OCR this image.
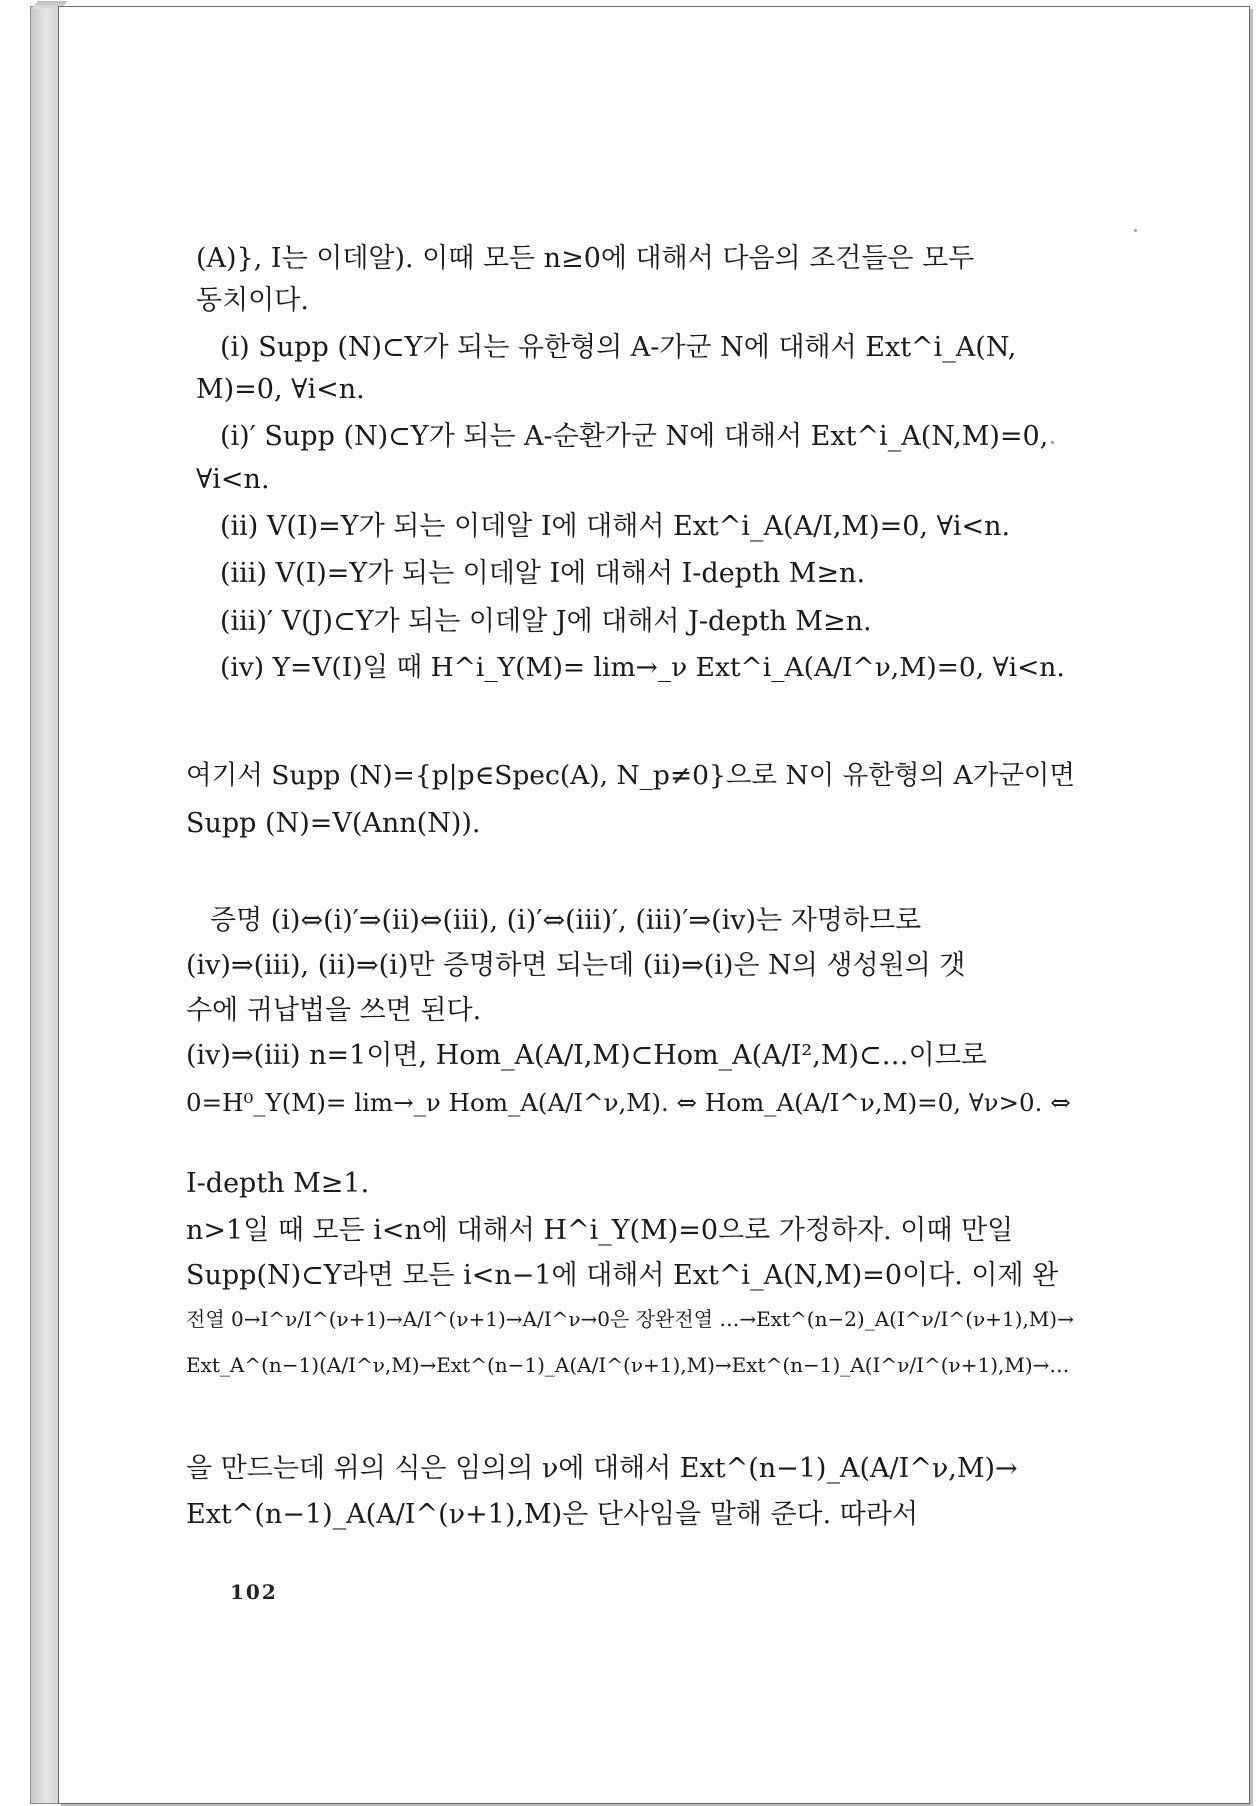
(A)}, I는 이데알). 이때 모든 n≥0에 대해서 다음의 조건들은 모두
동치이다.
(i) Supp (N)⊂Y가 되는 유한형의 A-가군 N에 대해서 Ext^i_A(N,
M)=0, ∀i<n.
(i)′ Supp (N)⊂Y가 되는 A-순환가군 N에 대해서 Ext^i_A(N,M)=0,
∀i<n.
(ii) V(I)=Y가 되는 이데알 I에 대해서 Ext^i_A(A/I,M)=0, ∀i<n.
(iii) V(I)=Y가 되는 이데알 I에 대해서 I-depth M≥n.
(iii)′ V(J)⊂Y가 되는 이데알 J에 대해서 J-depth M≥n.
(iv) Y=V(I)일 때 H^i_Y(M)= lim→_ν Ext^i_A(A/I^ν,M)=0, ∀i<n.
여기서 Supp (N)={p|p∈Spec(A), N_p≠0}으로 N이 유한형의 A가군이면
Supp (N)=V(Ann(N)).
증명 (i)⇔(i)′⇒(ii)⇔(iii), (i)′⇔(iii)′, (iii)′⇒(iv)는 자명하므로
(iv)⇒(iii), (ii)⇒(i)만 증명하면 되는데 (ii)⇒(i)은 N의 생성원의 갯
수에 귀납법을 쓰면 된다.
(iv)⇒(iii) n=1이면, Hom_A(A/I,M)⊂Hom_A(A/I²,M)⊂…이므로
0=H⁰_Y(M)= lim→_ν Hom_A(A/I^ν,M). ⇔ Hom_A(A/I^ν,M)=0, ∀ν>0. ⇔
I-depth M≥1.
n>1일 때 모든 i<n에 대해서 H^i_Y(M)=0으로 가정하자. 이때 만일
Supp(N)⊂Y라면 모든 i<n−1에 대해서 Ext^i_A(N,M)=0이다. 이제 완
전열 0→I^ν/I^(ν+1)→A/I^(ν+1)→A/I^ν→0은 장완전열 …→Ext^(n−2)_A(I^ν/I^(ν+1),M)→
Ext_A^(n−1)(A/I^ν,M)→Ext^(n−1)_A(A/I^(ν+1),M)→Ext^(n−1)_A(I^ν/I^(ν+1),M)→…
을 만드는데 위의 식은 임의의 ν에 대해서 Ext^(n−1)_A(A/I^ν,M)→
Ext^(n−1)_A(A/I^(ν+1),M)은 단사임을 말해 준다. 따라서
102
